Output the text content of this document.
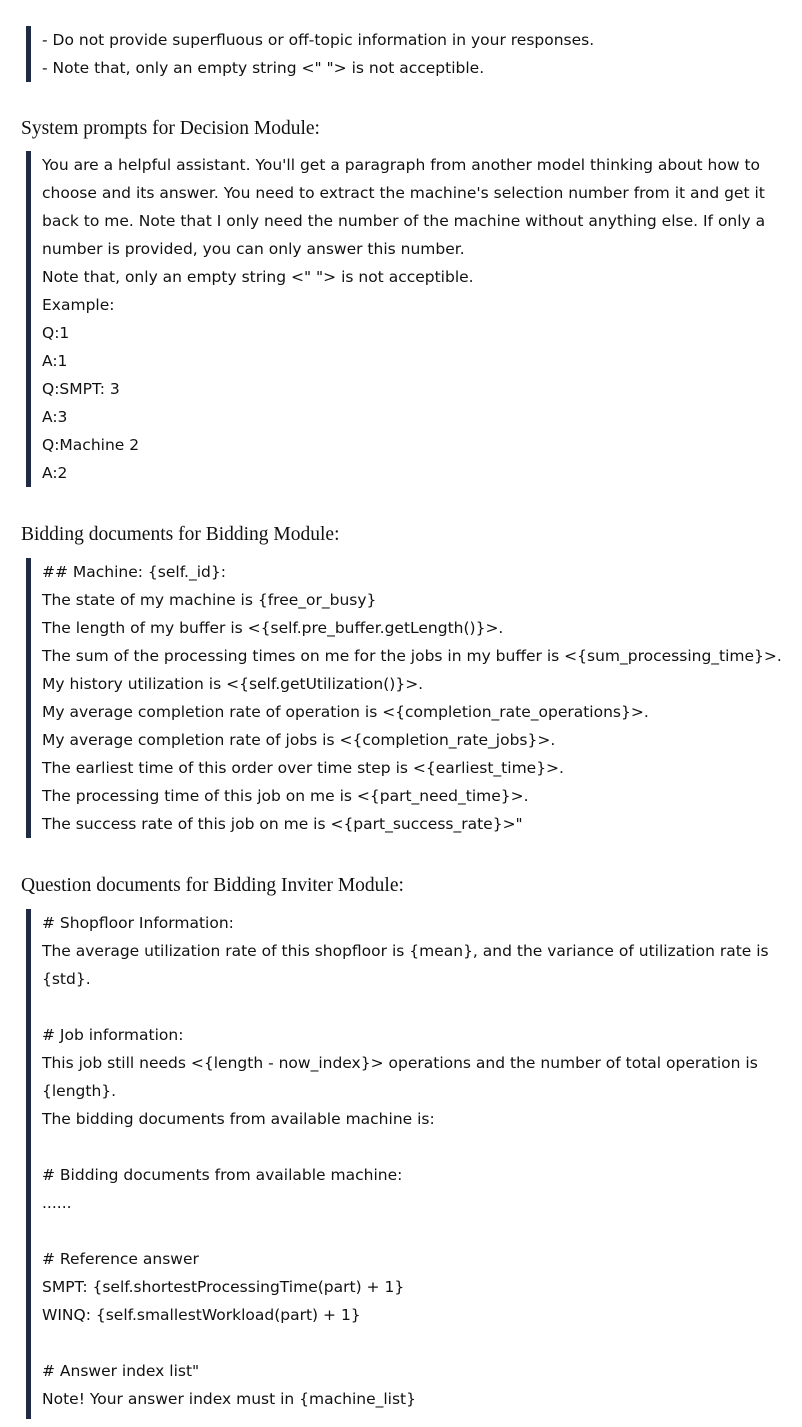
- Do not provide superfluous or off-topic information in your responses.
- Note that, only an empty string <" "> is not acceptible.
System prompts for Decision Module:
You are a helpful assistant. You'll get a paragraph from another model thinking about how to choose and its answer. You need to extract the machine's selection number from it and get it back to me. Note that I only need the number of the machine without anything else. If only a number is provided, you can only answer this number.
Note that, only an empty string <" "> is not acceptible.
Example:
Q:1
A:1
Q:SMPT: 3
A:3
Q:Machine 2
A:2
Bidding documents for Bidding Module:
## Machine: {self._id}:
The state of my machine is {free_or_busy}
The length of my buffer is <{self.pre_buffer.getLength()}>.
The sum of the processing times on me for the jobs in my buffer is <{sum_processing_time}>.
My history utilization is <{self.getUtilization()}>.
My average completion rate of operation is <{completion_rate_operations}>.
My average completion rate of jobs is <{completion_rate_jobs}>.
The earliest time of this order over time step is <{earliest_time}>.
The processing time of this job on me is <{part_need_time}>.
The success rate of this job on me is <{part_success_rate}>"
Question documents for Bidding Inviter Module:
# Shopfloor Information:
The average utilization rate of this shopfloor is {mean}, and the variance of utilization rate is {std}.
# Job information:
This job still needs <{length - now_index}> operations and the number of total operation is {length}.
The bidding documents from available machine is:
# Bidding documents from available machine:
......
# Reference answer
SMPT: {self.shortestProcessingTime(part) + 1}
WINQ: {self.smallestWorkload(part) + 1}
# Answer index list"
Note! Your answer index must in {machine_list}
